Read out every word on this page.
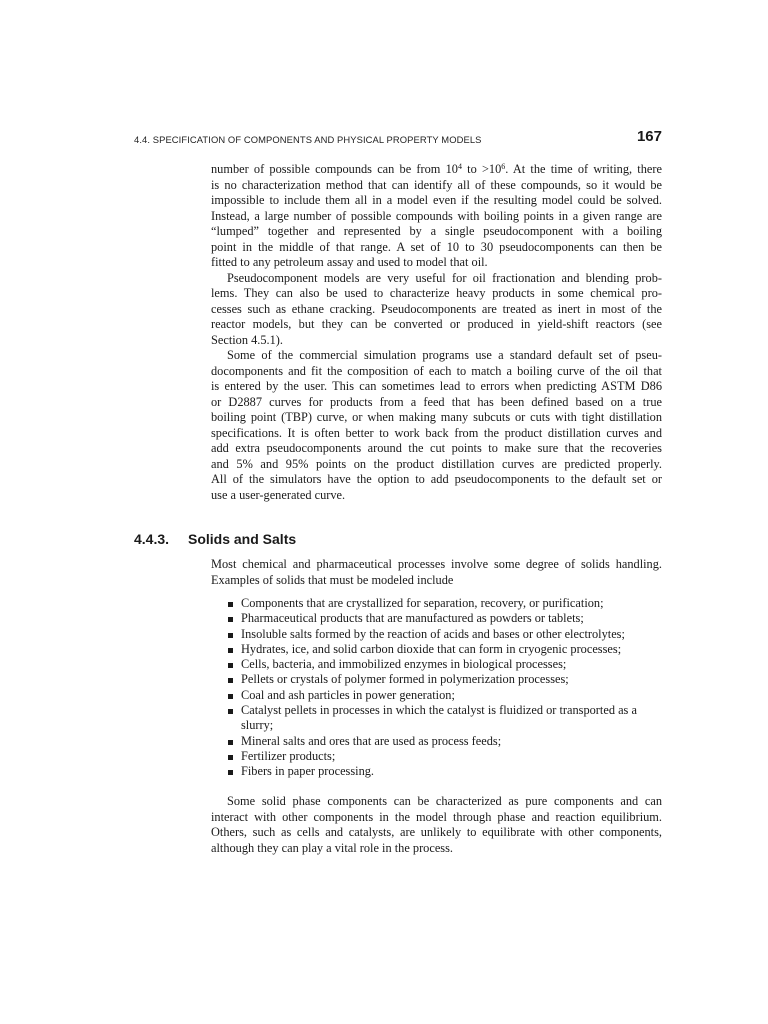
4.4. SPECIFICATION OF COMPONENTS AND PHYSICAL PROPERTY MODELS	167

number of possible compounds can be from $10^4$ to $>10^6$. At the time of writing, there
is no characterization method that can identify all of these compounds, so it would be
impossible to include them all in a model even if the resulting model could be solved.
Instead, a large number of possible compounds with boiling points in a given range are
“lumped” together and represented by a single pseudocomponent with a boiling
point in the middle of that range. A set of 10 to 30 pseudocomponents can then be
fitted to any petroleum assay and used to model that oil.

Pseudocomponent models are very useful for oil fractionation and blending prob-
lems. They can also be used to characterize heavy products in some chemical pro-
cesses such as ethane cracking. Pseudocomponents are treated as inert in most of the
reactor models, but they can be converted or produced in yield-shift reactors (see
Section 4.5.1).

Some of the commercial simulation programs use a standard default set of pseu-
docomponents and fit the composition of each to match a boiling curve of the oil that
is entered by the user. This can sometimes lead to errors when predicting ASTM D86
or D2887 curves for products from a feed that has been defined based on a true
boiling point (TBP) curve, or when making many subcuts or cuts with tight distillation
specifications. It is often better to work back from the product distillation curves and
add extra pseudocomponents around the cut points to make sure that the recoveries
and 5% and 95% points on the product distillation curves are predicted properly.
All of the simulators have the option to add pseudocomponents to the default set or
use a user-generated curve.

4.4.3. Solids and Salts

Most chemical and pharmaceutical processes involve some degree of solids handling.
Examples of solids that must be modeled include

Components that are crystallized for separation, recovery, or purification;
Pharmaceutical products that are manufactured as powders or tablets;
Insoluble salts formed by the reaction of acids and bases or other electrolytes;
Hydrates, ice, and solid carbon dioxide that can form in cryogenic processes;
Cells, bacteria, and immobilized enzymes in biological processes;
Pellets or crystals of polymer formed in polymerization processes;
Coal and ash particles in power generation;
Catalyst pellets in processes in which the catalyst is fluidized or transported as a slurry;
Mineral salts and ores that are used as process feeds;
Fertilizer products;
Fibers in paper processing.

Some solid phase components can be characterized as pure components and can
interact with other components in the model through phase and reaction equilibrium.
Others, such as cells and catalysts, are unlikely to equilibrate with other components,
although they can play a vital role in the process.
